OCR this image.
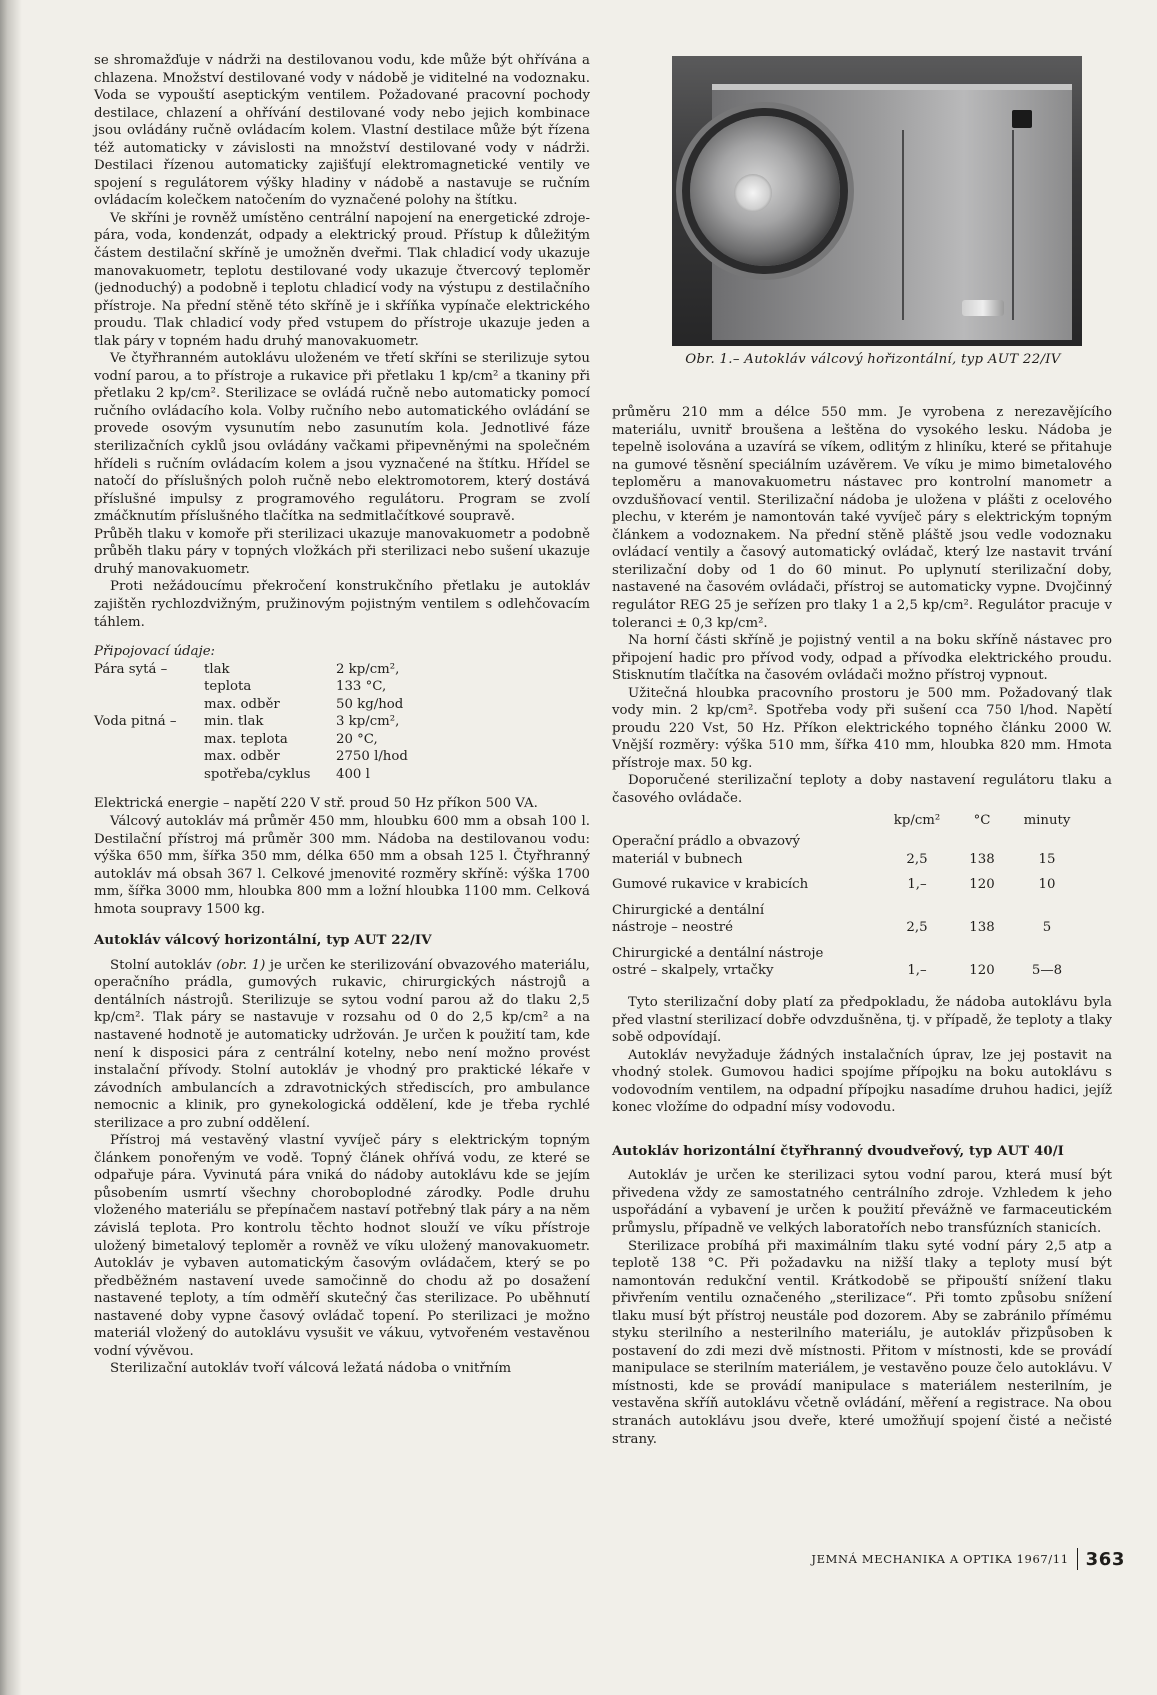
se shromažďuje v nádrži na destilovanou vodu, kde může být ohřívána a chlazena. Množství destilované vody v nádobě je viditelné na vodoznaku. Voda se vypouští aseptickým ventilem. Požadované pracovní pochody destilace, chlazení a ohřívání destilované vody nebo jejich kombinace jsou ovládány ručně ovládacím kolem. Vlastní destilace může být řízena též automaticky v závislosti na množství destilované vody v nádrži. Destilaci řízenou automaticky zajišťují elektromagnetické ventily ve spojení s regulátorem výšky hladiny v nádobě a nastavuje se ručním ovládacím kolečkem natočením do vyznačené polohy na štítku.

Ve skříni je rovněž umístěno centrální napojení na energetické zdroje-pára, voda, kondenzát, odpady a elektrický proud. Přístup k důležitým částem destilační skříně je umožněn dveřmi. Tlak chladicí vody ukazuje manovakuometr, teplotu destilované vody ukazuje čtvercový teploměr (jednoduchý) a podobně i teplotu chladicí vody na výstupu z destilačního přístroje. Na přední stěně této skříně je i skříňka vypínače elektrického proudu. Tlak chladicí vody před vstupem do přístroje ukazuje jeden a tlak páry v topném hadu druhý manovakuometr.

Ve čtyřhranném autoklávu uloženém ve třetí skříni se sterilizuje sytou vodní parou, a to přístroje a rukavice při přetlaku 1 kp/cm² a tkaniny při přetlaku 2 kp/cm². Sterilizace se ovládá ručně nebo automaticky pomocí ručního ovládacího kola. Volby ručního nebo automatického ovládání se provede osovým vysunutím nebo zasunutím kola. Jednotlivé fáze sterilizačních cyklů jsou ovládány vačkami připevněnými na společném hřídeli s ručním ovládacím kolem a jsou vyznačené na štítku. Hřídel se natočí do příslušných poloh ručně nebo elektromotorem, který dostává příslušné impulsy z programového regulátoru. Program se zvolí zmáčknutím příslušného tlačítka na sedmitlačítkové soupravě.

Průběh tlaku v komoře při sterilizaci ukazuje manovakuometr a podobně průběh tlaku páry v topných vložkách při sterilizaci nebo sušení ukazuje druhý manovakuometr.

Proti nežádoucímu překročení konstrukčního přetlaku je autokláv zajištěn rychlozdvižným, pružinovým pojistným ventilem s odlehčovacím táhlem.

Připojovací údaje:
Pára sytá –	tlak	2 kp/cm²,
teplota	133 °C,
max. odběr	50 kg/hod
Voda pitná –	min. tlak	3 kp/cm²,
max. teplota	20 °C,
max. odběr	2750 l/hod
spotřeba/cyklus	400 l

Elektrická energie – napětí 220 V stř. proud 50 Hz příkon 500 VA.

Válcový autokláv má průměr 450 mm, hloubku 600 mm a obsah 100 l. Destilační přístroj má průměr 300 mm. Nádoba na destilovanou vodu: výška 650 mm, šířka 350 mm, délka 650 mm a obsah 125 l. Čtyřhranný autokláv má obsah 367 l. Celkové jmenovité rozměry skříně: výška 1700 mm, šířka 3000 mm, hloubka 800 mm a ložní hloubka 1100 mm. Celková hmota soupravy 1500 kg.

Autokláv válcový horizontální, typ AUT 22/IV

Stolní autokláv (obr. 1) je určen ke sterilizování obvazového materiálu, operačního prádla, gumových rukavic, chirurgických nástrojů a dentálních nástrojů. Sterilizuje se sytou vodní parou až do tlaku 2,5 kp/cm². Tlak páry se nastavuje v rozsahu od 0 do 2,5 kp/cm² a na nastavené hodnotě je automaticky udržován. Je určen k použití tam, kde není k disposici pára z centrální kotelny, nebo není možno provést instalační přívody. Stolní autokláv je vhodný pro praktické lékaře v závodních ambulancích a zdravotnických střediscích, pro ambulance nemocnic a klinik, pro gynekologická oddělení, kde je třeba rychlé sterilizace a pro zubní oddělení.

Přístroj má vestavěný vlastní vyvíječ páry s elektrickým topným článkem ponořeným ve vodě. Topný článek ohřívá vodu, ze které se odpařuje pára. Vyvinutá pára vniká do nádoby autoklávu kde se jejím působením usmrtí všechny choroboplodné zárodky. Podle druhu vloženého materiálu se přepínačem nastaví potřebný tlak páry a na něm závislá teplota. Pro kontrolu těchto hodnot slouží ve víku přístroje uložený bimetalový teploměr a rovněž ve víku uložený manovakuometr. Autokláv je vybaven automatickým časovým ovládačem, který se po předběžném nastavení uvede samočinně do chodu až po dosažení nastavené teploty, a tím odměří skutečný čas sterilizace. Po uběhnutí nastavené doby vypne časový ovládač topení. Po sterilizaci je možno materiál vložený do autoklávu vysušit ve vákuu, vytvořeném vestavěnou vodní vývěvou.

Sterilizační autokláv tvoří válcová ležatá nádoba o vnitřním

Obr. 1.– Autokláv válcový hořizontální, typ AUT 22/IV

průměru 210 mm a délce 550 mm. Je vyrobena z nerezavějícího materiálu, uvnitř broušena a leštěna do vysokého lesku. Nádoba je tepelně isolována a uzavírá se víkem, odlitým z hliníku, které se přitahuje na gumové těsnění speciálním uzávěrem. Ve víku je mimo bimetalového teploměru a manovakuometru nástavec pro kontrolní manometr a ovzdušňovací ventil. Sterilizační nádoba je uložena v plášti z ocelového plechu, v kterém je namontován také vyvíječ páry s elektrickým topným článkem a vodoznakem. Na přední stěně pláště jsou vedle vodoznaku ovládací ventily a časový automatický ovládač, který lze nastavit trvání sterilizační doby od 1 do 60 minut. Po uplynutí sterilizační doby, nastavené na časovém ovládači, přístroj se automaticky vypne. Dvojčinný regulátor REG 25 je seřízen pro tlaky 1 a 2,5 kp/cm². Regulátor pracuje v toleranci ± 0,3 kp/cm².

Na horní části skříně je pojistný ventil a na boku skříně nástavec pro připojení hadic pro přívod vody, odpad a přívodka elektrického proudu. Stisknutím tlačítka na časovém ovládači možno přístroj vypnout.

Užitečná hloubka pracovního prostoru je 500 mm. Požadovaný tlak vody min. 2 kp/cm². Spotřeba vody při sušení cca 750 l/hod. Napětí proudu 220 Vst, 50 Hz. Příkon elektrického topného článku 2000 W. Vnější rozměry: výška 510 mm, šířka 410 mm, hloubka 820 mm. Hmota přístroje max. 50 kg.

Doporučené sterilizační teploty a doby nastavení regulátoru tlaku a časového ovládače.

	kp/cm²	°C	minuty
Operační prádlo a obvazový
materiál v bubnech	2,5	138	15

Gumové rukavice v krabicích	1,–	120	10

Chirurgické a dentální
nástroje – neostré	2,5	138	5

Chirurgické a dentální nástroje
ostré – skalpely, vrtačky	1,–	120	5—8

Tyto sterilizační doby platí za předpokladu, že nádoba autoklávu byla před vlastní sterilizací dobře odvzdušněna, tj. v případě, že teploty a tlaky sobě odpovídají.

Autokláv nevyžaduje žádných instalačních úprav, lze jej postavit na vhodný stolek. Gumovou hadici spojíme přípojku na boku autoklávu s vodovodním ventilem, na odpadní přípojku nasadíme druhou hadici, jejíž konec vložíme do odpadní mísy vodovodu.

Autokláv horizontální čtyřhranný dvoudveřový, typ AUT 40/I

Autokláv je určen ke sterilizaci sytou vodní parou, která musí být přivedena vždy ze samostatného centrálního zdroje. Vzhledem k jeho uspořádání a vybavení je určen k použití převážně ve farmaceutickém průmyslu, případně ve velkých laboratořích nebo transfúzních stanicích.

Sterilizace probíhá při maximálním tlaku syté vodní páry 2,5 atp a teplotě 138 °C. Při požadavku na nižší tlaky a teploty musí být namontován redukční ventil. Krátkodobě se připouští snížení tlaku přivřením ventilu označeného „sterilizace“. Při tomto způsobu snížení tlaku musí být přístroj neustále pod dozorem. Aby se zabránilo přímému styku sterilního a nesterilního materiálu, je autokláv přizpůsoben k postavení do zdi mezi dvě místnosti. Přitom v místnosti, kde se provádí manipulace se sterilním materiálem, je vestavěno pouze čelo autoklávu. V místnosti, kde se provádí manipulace s materiálem nesterilním, je vestavěna skříň autoklávu včetně ovládání, měření a registrace. Na obou stranách autoklávu jsou dveře, které umožňují spojení čisté a nečisté strany.

JEMNÁ MECHANIKA A OPTIKA 1967/11 363
